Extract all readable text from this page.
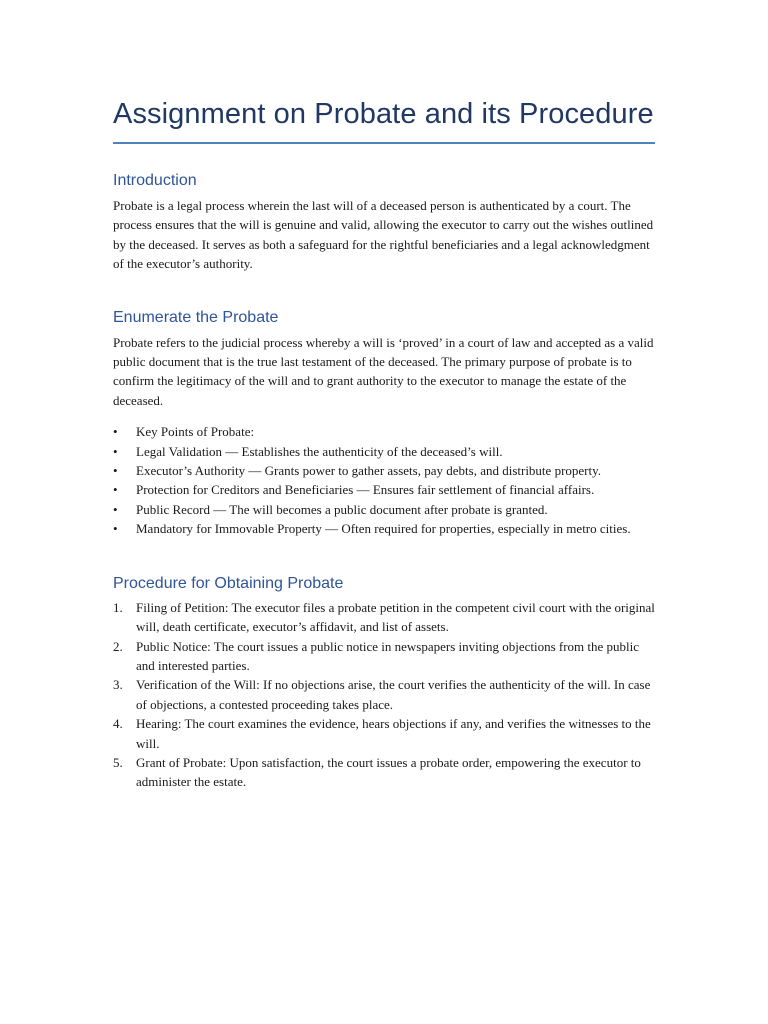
Assignment on Probate and its Procedure
Introduction

Probate is a legal process wherein the last will of a deceased person is authenticated by a court. The process ensures that the will is genuine and valid, allowing the executor to carry out the wishes outlined by the deceased. It serves as both a safeguard for the rightful beneficiaries and a legal acknowledgment of the executor’s authority.

Enumerate the Probate

Probate refers to the judicial process whereby a will is ‘proved’ in a court of law and accepted as a valid public document that is the true last testament of the deceased. The primary purpose of probate is to confirm the legitimacy of the will and to grant authority to the executor to manage the estate of the deceased.

• Key Points of Probate:
• Legal Validation — Establishes the authenticity of the deceased’s will.
• Executor’s Authority — Grants power to gather assets, pay debts, and distribute property.
• Protection for Creditors and Beneficiaries — Ensures fair settlement of financial affairs.
• Public Record — The will becomes a public document after probate is granted.
• Mandatory for Immovable Property — Often required for properties, especially in metro cities.
Procedure for Obtaining Probate
1. Filing of Petition: The executor files a probate petition in the competent civil court with the original will, death certificate, executor’s affidavit, and list of assets.
2. Public Notice: The court issues a public notice in newspapers inviting objections from the public and interested parties.
3. Verification of the Will: If no objections arise, the court verifies the authenticity of the will. In case of objections, a contested proceeding takes place.
4. Hearing: The court examines the evidence, hears objections if any, and verifies the witnesses to the will.
5. Grant of Probate: Upon satisfaction, the court issues a probate order, empowering the executor to administer the estate.
